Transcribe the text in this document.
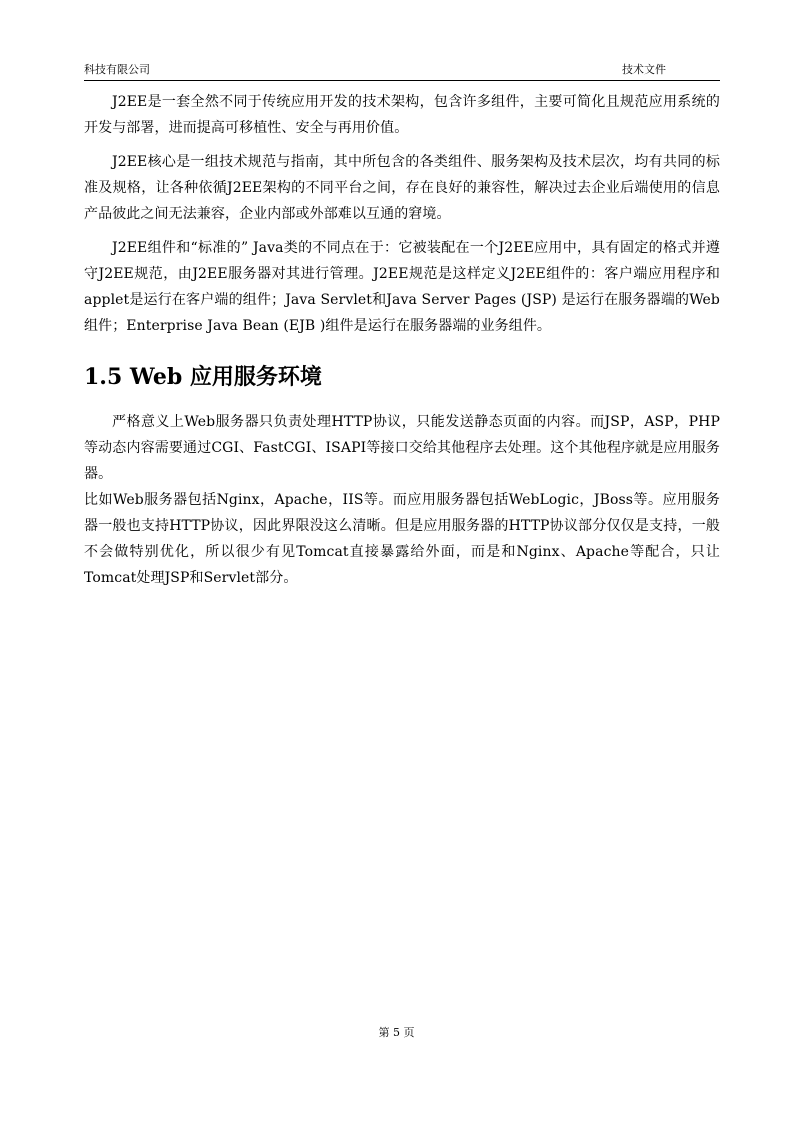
科技有限公司	技术文件

J2EE是一套全然不同于传统应用开发的技术架构，包含许多组件，主要可简化且规范应用系统的开发与部署，进而提高可移植性、安全与再用价值。

J2EE核心是一组技术规范与指南，其中所包含的各类组件、服务架构及技术层次，均有共同的标准及规格，让各种依循J2EE架构的不同平台之间，存在良好的兼容性，解决过去企业后端使用的信息产品彼此之间无法兼容，企业内部或外部难以互通的窘境。

J2EE组件和“标准的” Java类的不同点在于：它被装配在一个J2EE应用中，具有固定的格式并遵守J2EE规范，由J2EE服务器对其进行管理。J2EE规范是这样定义J2EE组件的：客户端应用程序和applet是运行在客户端的组件；Java Servlet和Java Server Pages (JSP) 是运行在服务器端的Web组件；Enterprise Java Bean (EJB )组件是运行在服务器端的业务组件。

1.5 Web 应用服务环境

严格意义上Web服务器只负责处理HTTP协议，只能发送静态页面的内容。而JSP，ASP，PHP等动态内容需要通过CGI、FastCGI、ISAPI等接口交给其他程序去处理。这个其他程序就是应用服务器。

比如Web服务器包括Nginx，Apache，IIS等。而应用服务器包括WebLogic，JBoss等。应用服务器一般也支持HTTP协议，因此界限没这么清晰。但是应用服务器的HTTP协议部分仅仅是支持，一般不会做特别优化，所以很少有见Tomcat直接暴露给外面，而是和Nginx、Apache等配合，只让Tomcat处理JSP和Servlet部分。

第 5 页
